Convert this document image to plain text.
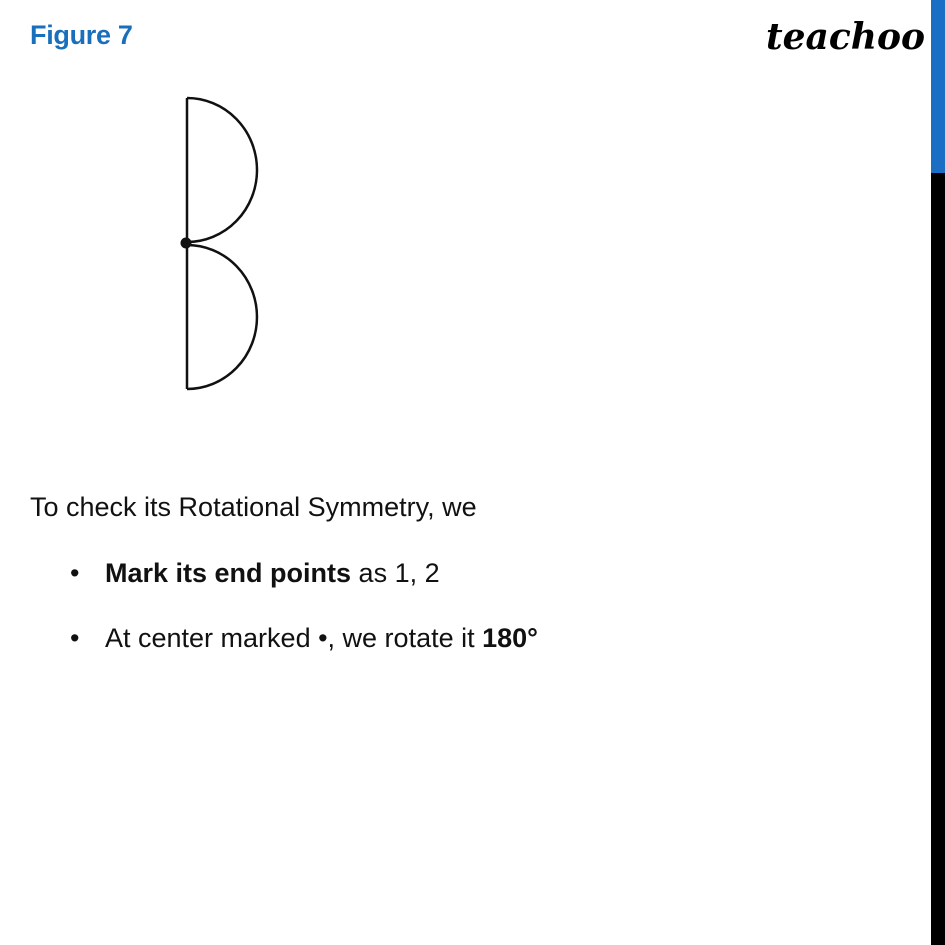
Figure 7	teachoo

To check its Rotational Symmetry, we

• Mark its end points as 1, 2
• At center marked •, we rotate it 180°
